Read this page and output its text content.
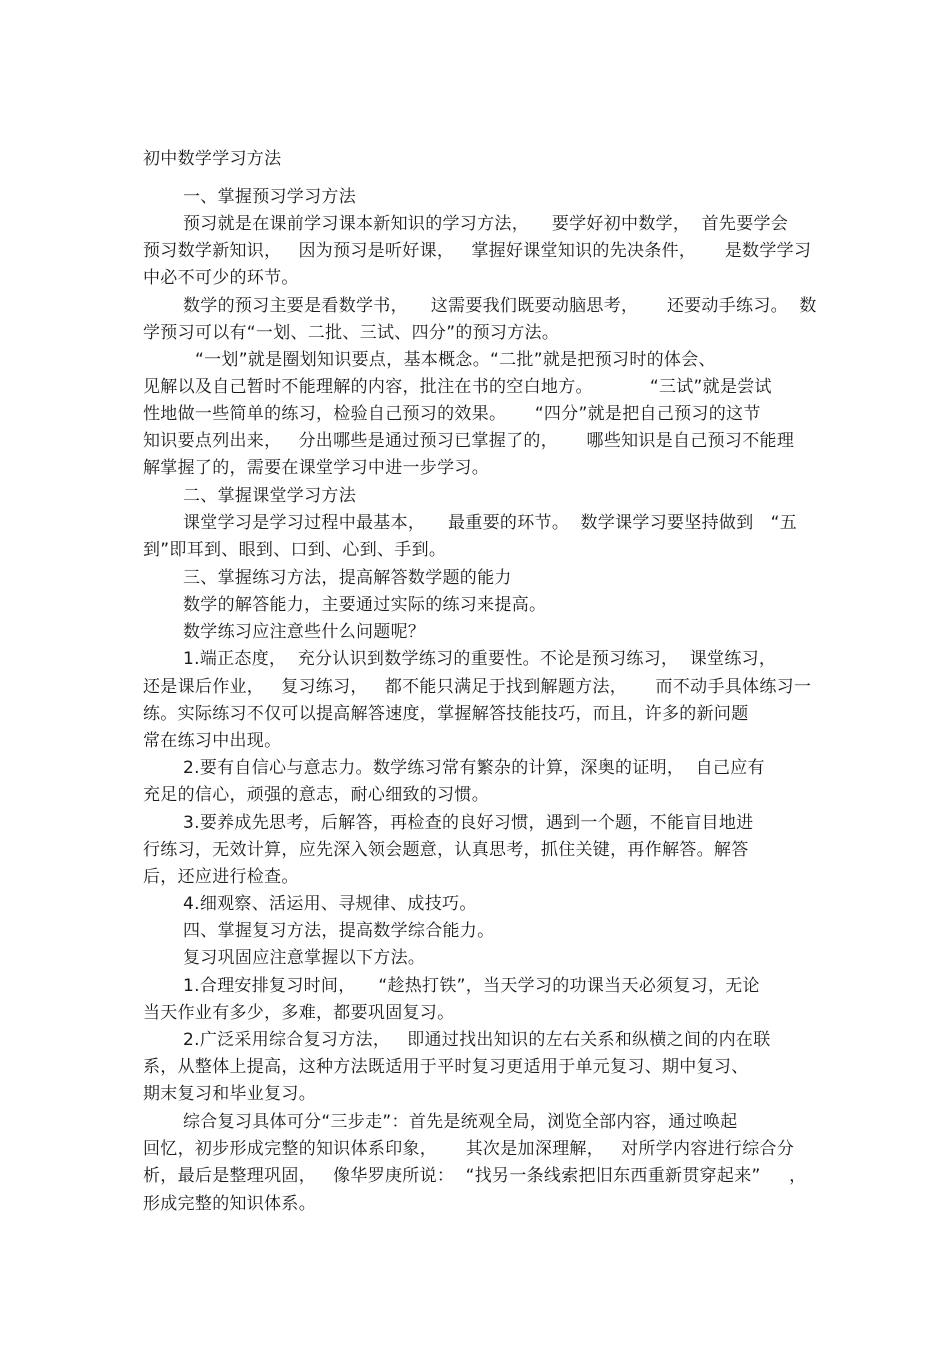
初中数学学习方法
一、掌握预习学习方法
预习就是在课前学习课本新知识的学习方法，    要学好初中数学，  首先要学会
预习数学新知识，   因为预习是听好课，   掌握好课堂知识的先决条件，     是数学学习
中必不可少的环节。
数学的预习主要是看数学书，    这需要我们既要动脑思考，     还要动手练习。  数
学预习可以有“一划、二批、三试、四分”的预习方法。
“一划”就是圈划知识要点，基本概念。“二批”就是把预习时的体会、
见解以及自己暂时不能理解的内容，批注在书的空白地方。          “三试”就是尝试
性地做一些简单的练习，检验自己预习的效果。     “四分”就是把自己预习的这节
知识要点列出来，   分出哪些是通过预习已掌握了的，     哪些知识是自己预习不能理
解掌握了的，需要在课堂学习中进一步学习。
二、掌握课堂学习方法
课堂学习是学习过程中最基本，    最重要的环节。  数学课学习要坚持做到   “五
到”即耳到、眼到、口到、心到、手到。
三、掌握练习方法，提高解答数学题的能力
数学的解答能力，主要通过实际的练习来提高。
数学练习应注意些什么问题呢？
1.端正态度，  充分认识到数学练习的重要性。不论是预习练习，  课堂练习，
还是课后作业，   复习练习，   都不能只满足于找到解题方法，     而不动手具体练习一
练。实际练习不仅可以提高解答速度，掌握解答技能技巧，而且，许多的新问题
常在练习中出现。
2.要有自信心与意志力。数学练习常有繁杂的计算，深奥的证明，  自己应有
充足的信心，顽强的意志，耐心细致的习惯。
3.要养成先思考，后解答，再检查的良好习惯，遇到一个题，不能盲目地进
行练习，无效计算，应先深入领会题意，认真思考，抓住关键，再作解答。解答
后，还应进行检查。
4.细观察、活运用、寻规律、成技巧。
四、掌握复习方法，提高数学综合能力。
复习巩固应注意掌握以下方法。
1.合理安排复习时间，    “趁热打铁”，当天学习的功课当天必须复习，无论
当天作业有多少，多难，都要巩固复习。
2.广泛采用综合复习方法，   即通过找出知识的左右关系和纵横之间的内在联
系，从整体上提高，这种方法既适用于平时复习更适用于单元复习、期中复习、
期末复习和毕业复习。
综合复习具体可分“三步走”：首先是统观全局，浏览全部内容，通过唤起
回忆，初步形成完整的知识体系印象，     其次是加深理解，   对所学内容进行综合分
析，最后是整理巩固，   像华罗庚所说：  “找另一条线索把旧东西重新贯穿起来”     ，
形成完整的知识体系。
